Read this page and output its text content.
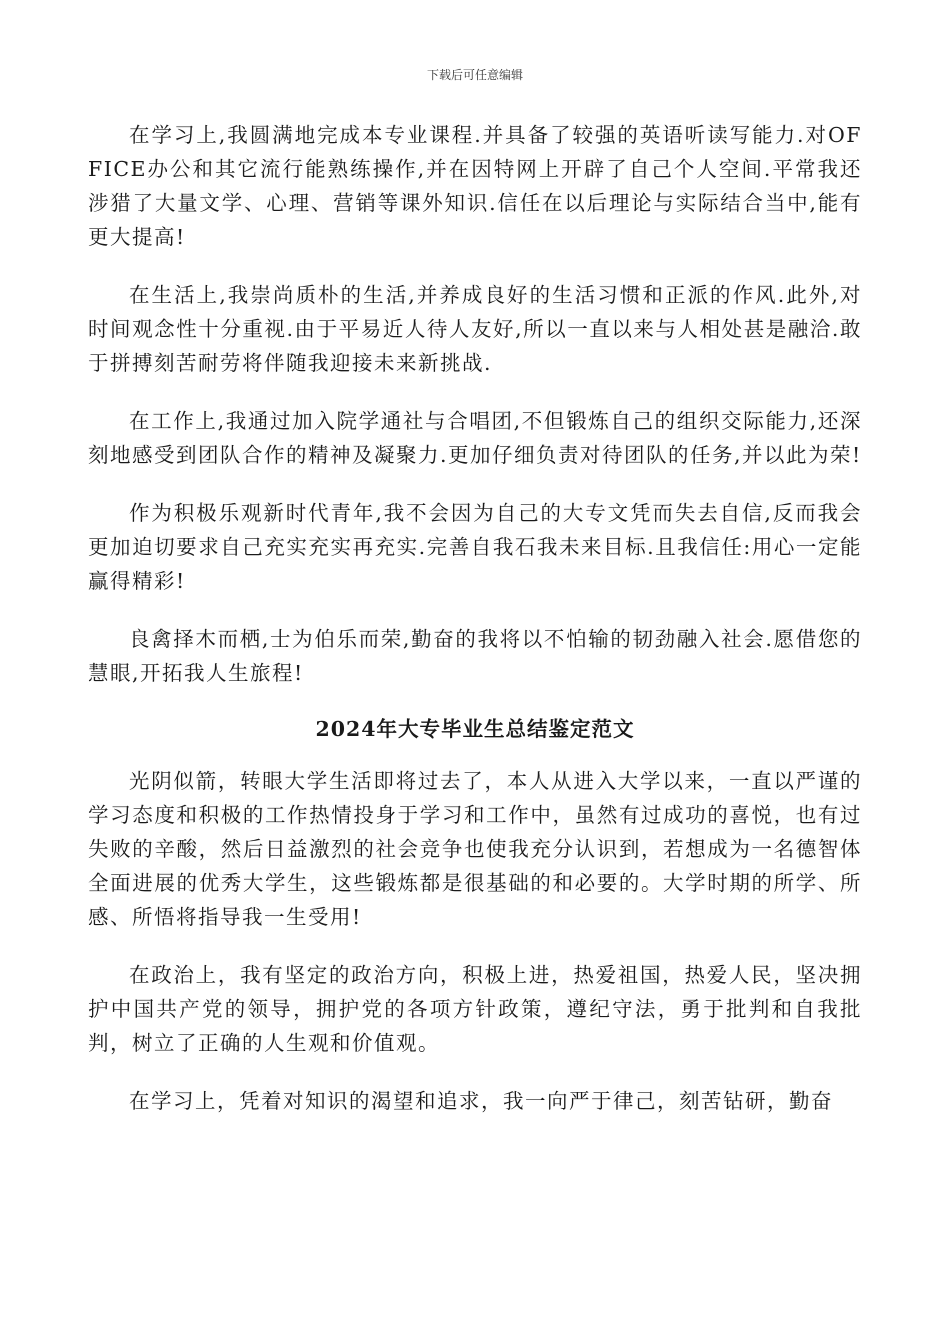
下载后可任意编辑

在学习上,我圆满地完成本专业课程.并具备了较强的英语听读写能力.对OFFICE办公和其它流行能熟练操作,并在因特网上开辟了自己个人空间.平常我还涉猎了大量文学、心理、营销等课外知识.信任在以后理论与实际结合当中,能有更大提高!

在生活上,我崇尚质朴的生活,并养成良好的生活习惯和正派的作风.此外,对时间观念性十分重视.由于平易近人待人友好,所以一直以来与人相处甚是融洽.敢于拼搏刻苦耐劳将伴随我迎接未来新挑战.

在工作上,我通过加入院学通社与合唱团,不但锻炼自己的组织交际能力,还深刻地感受到团队合作的精神及凝聚力.更加仔细负责对待团队的任务,并以此为荣!

作为积极乐观新时代青年,我不会因为自己的大专文凭而失去自信,反而我会更加迫切要求自己充实充实再充实.完善自我石我未来目标.且我信任:用心一定能赢得精彩!

良禽择木而栖,士为伯乐而荣,勤奋的我将以不怕输的韧劲融入社会.愿借您的慧眼,开拓我人生旅程!

2024年大专毕业生总结鉴定范文

光阴似箭，转眼大学生活即将过去了，本人从进入大学以来，一直以严谨的学习态度和积极的工作热情投身于学习和工作中，虽然有过成功的喜悦，也有过失败的辛酸，然后日益激烈的社会竞争也使我充分认识到，若想成为一名德智体全面进展的优秀大学生，这些锻炼都是很基础的和必要的。大学时期的所学、所感、所悟将指导我一生受用!

在政治上，我有坚定的政治方向，积极上进，热爱祖国，热爱人民，坚决拥护中国共产党的领导，拥护党的各项方针政策，遵纪守法，勇于批判和自我批判，树立了正确的人生观和价值观。

在学习上，凭着对知识的渴望和追求，我一向严于律己，刻苦钻研，勤奋
